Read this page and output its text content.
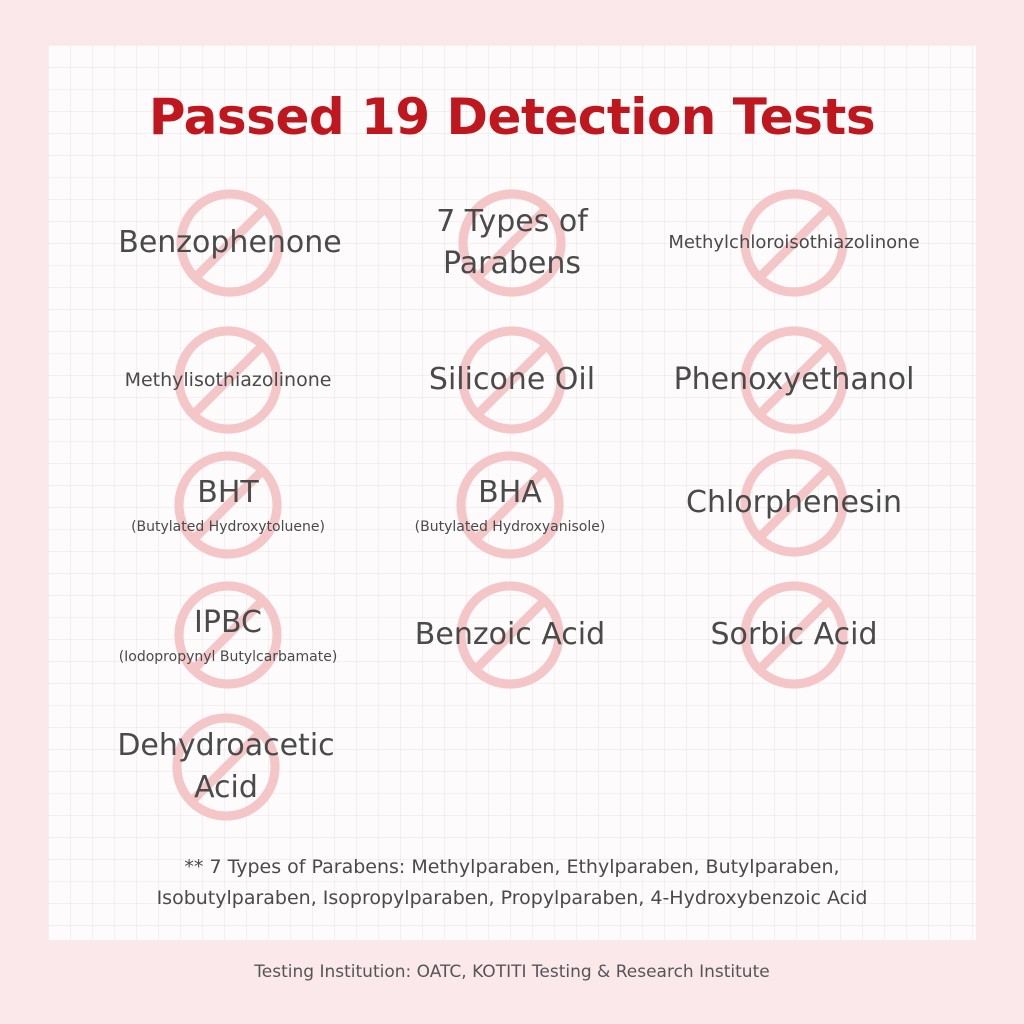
Passed 19 Detection Tests
Benzophenone
7 Types of
Parabens
Methylchloroisothiazolinone
Methylisothiazolinone	Silicone Oil	Phenoxyethanol
BHT
(Butylated Hydroxytoluene)
BHA
(Butylated Hydroxyanisole)
Chlorphenesin
IPBC
(Iodopropynyl Butylcarbamate)
Benzoic Acid	Sorbic Acid
Dehydroacetic
Acid
** 7 Types of Parabens: Methylparaben, Ethylparaben, Butylparaben,
Isobutylparaben, Isopropylparaben, Propylparaben, 4-Hydroxybenzoic Acid
Testing Institution: OATC, KOTITI Testing & Research Institute
